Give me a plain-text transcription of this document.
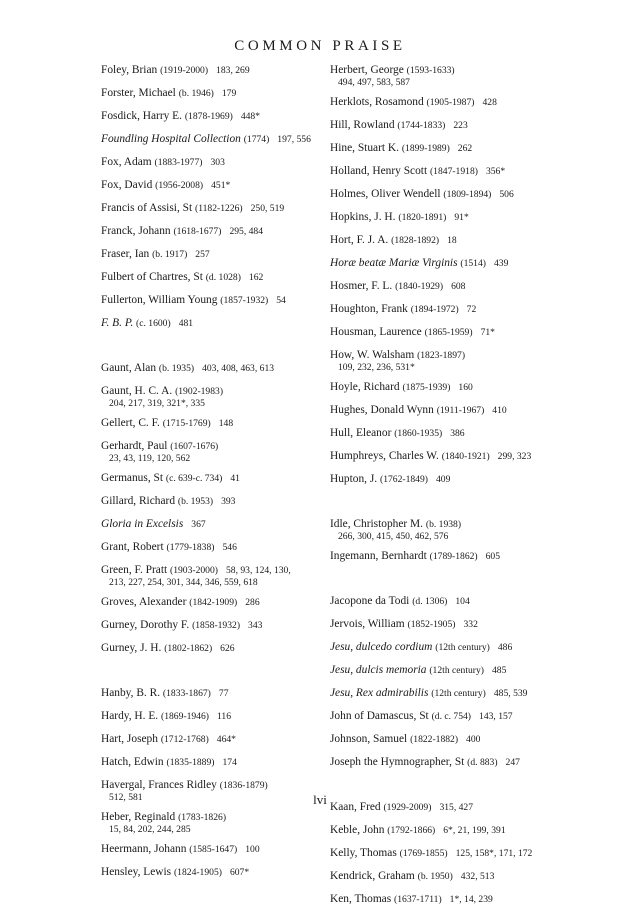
COMMON PRAISE
Foley, Brian (1919-2000) 183, 269
Forster, Michael (b. 1946) 179
Fosdick, Harry E. (1878-1969) 448*
Foundling Hospital Collection (1774) 197, 556
Fox, Adam (1883-1977) 303
Fox, David (1956-2008) 451*
Francis of Assisi, St (1182-1226) 250, 519
Franck, Johann (1618-1677) 295, 484
Fraser, Ian (b. 1917) 257
Fulbert of Chartres, St (d. 1028) 162
Fullerton, William Young (1857-1932) 54
F. B. P. (c. 1600) 481
Gaunt, Alan (b. 1935) 403, 408, 463, 613
Gaunt, H. C. A. (1902-1983)
204, 217, 319, 321*, 335
Gellert, C. F. (1715-1769) 148
Gerhardt, Paul (1607-1676)
23, 43, 119, 120, 562
Germanus, St (c. 639-c. 734) 41
Gillard, Richard (b. 1953) 393
Gloria in Excelsis 367
Grant, Robert (1779-1838) 546
Green, F. Pratt (1903-2000) 58, 93, 124, 130,
213, 227, 254, 301, 344, 346, 559, 618
Groves, Alexander (1842-1909) 286
Gurney, Dorothy F. (1858-1932) 343
Gurney, J. H. (1802-1862) 626
Hanby, B. R. (1833-1867) 77
Hardy, H. E. (1869-1946) 116
Hart, Joseph (1712-1768) 464*
Hatch, Edwin (1835-1889) 174
Havergal, Frances Ridley (1836-1879)
512, 581
Heber, Reginald (1783-1826)
15, 84, 202, 244, 285
Heermann, Johann (1585-1647) 100
Hensley, Lewis (1824-1905) 607*
Herbert, George (1593-1633)
494, 497, 583, 587
Herklots, Rosamond (1905-1987) 428
Hill, Rowland (1744-1833) 223
Hine, Stuart K. (1899-1989) 262
Holland, Henry Scott (1847-1918) 356*
Holmes, Oliver Wendell (1809-1894) 506
Hopkins, J. H. (1820-1891) 91*
Hort, F. J. A. (1828-1892) 18
Horæ beatæ Mariæ Virginis (1514) 439
Hosmer, F. L. (1840-1929) 608
Houghton, Frank (1894-1972) 72
Housman, Laurence (1865-1959) 71*
How, W. Walsham (1823-1897)
109, 232, 236, 531*
Hoyle, Richard (1875-1939) 160
Hughes, Donald Wynn (1911-1967) 410
Hull, Eleanor (1860-1935) 386
Humphreys, Charles W. (1840-1921) 299, 323
Hupton, J. (1762-1849) 409
Idle, Christopher M. (b. 1938)
266, 300, 415, 450, 462, 576
Ingemann, Bernhardt (1789-1862) 605
Jacopone da Todi (d. 1306) 104
Jervois, William (1852-1905) 332
Jesu, dulcedo cordium (12th century) 486
Jesu, dulcis memoria (12th century) 485
Jesu, Rex admirabilis (12th century) 485, 539
John of Damascus, St (d. c. 754) 143, 157
Johnson, Samuel (1822-1882) 400
Joseph the Hymnographer, St (d. 883) 247
Kaan, Fred (1929-2009) 315, 427
Keble, John (1792-1866) 6*, 21, 199, 391
Kelly, Thomas (1769-1855) 125, 158*, 171, 172
Kendrick, Graham (b. 1950) 432, 513
Ken, Thomas (1637-1711) 1*, 14, 239
lvi
